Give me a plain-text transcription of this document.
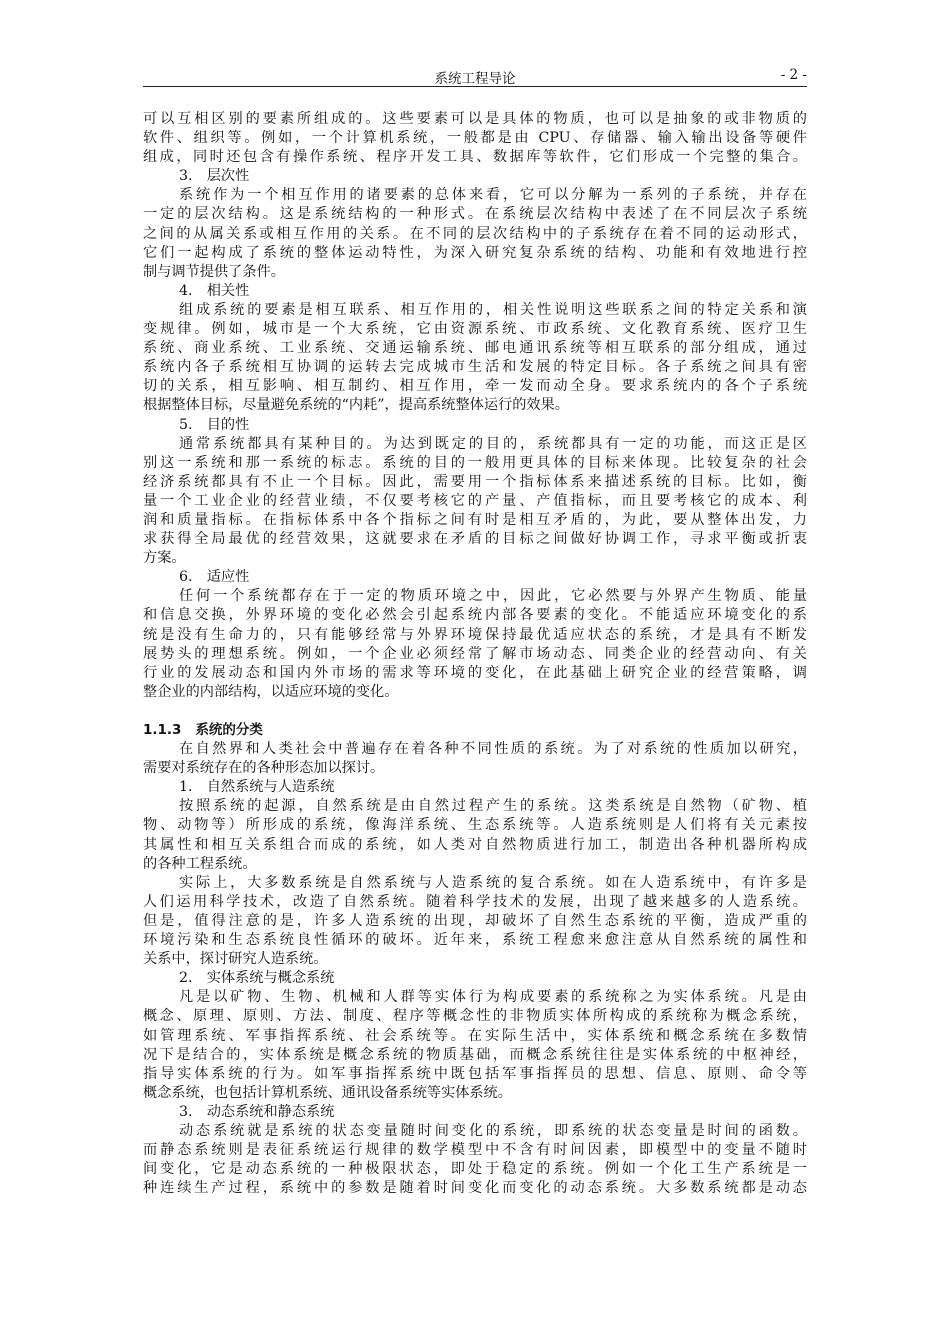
系统工程导论	- 2 -
可以互相区别的要素所组成的。这些要素可以是具体的物质，也可以是抽象的或非物质的
软件、组织等。例如，一个计算机系统，一般都是由 CPU、存储器、输入输出设备等硬件
组成，同时还包含有操作系统、程序开发工具、数据库等软件，它们形成一个完整的集合。
3.　层次性
系统作为一个相互作用的诸要素的总体来看，它可以分解为一系列的子系统，并存在
一定的层次结构。这是系统结构的一种形式。在系统层次结构中表述了在不同层次子系统
之间的从属关系或相互作用的关系。在不同的层次结构中的子系统存在着不同的运动形式，
它们一起构成了系统的整体运动特性，为深入研究复杂系统的结构、功能和有效地进行控
制与调节提供了条件。
4.　相关性
组成系统的要素是相互联系、相互作用的，相关性说明这些联系之间的特定关系和演
变规律。例如，城市是一个大系统，它由资源系统、市政系统、文化教育系统、医疗卫生
系统、商业系统、工业系统、交通运输系统、邮电通讯系统等相互联系的部分组成，通过
系统内各子系统相互协调的运转去完成城市生活和发展的特定目标。各子系统之间具有密
切的关系，相互影响、相互制约、相互作用，牵一发而动全身。要求系统内的各个子系统
根据整体目标，尽量避免系统的“内耗”，提高系统整体运行的效果。
5.　目的性
通常系统都具有某种目的。为达到既定的目的，系统都具有一定的功能，而这正是区
别这一系统和那一系统的标志。系统的目的一般用更具体的目标来体现。比较复杂的社会
经济系统都具有不止一个目标。因此，需要用一个指标体系来描述系统的目标。比如，衡
量一个工业企业的经营业绩，不仅要考核它的产量、产值指标，而且要考核它的成本、利
润和质量指标。在指标体系中各个指标之间有时是相互矛盾的，为此，要从整体出发，力
求获得全局最优的经营效果，这就要求在矛盾的目标之间做好协调工作，寻求平衡或折衷
方案。
6.　适应性
任何一个系统都存在于一定的物质环境之中，因此，它必然要与外界产生物质、能量
和信息交换，外界环境的变化必然会引起系统内部各要素的变化。不能适应环境变化的系
统是没有生命力的，只有能够经常与外界环境保持最优适应状态的系统，才是具有不断发
展势头的理想系统。例如，一个企业必须经常了解市场动态、同类企业的经营动向、有关
行业的发展动态和国内外市场的需求等环境的变化，在此基础上研究企业的经营策略，调
整企业的内部结构，以适应环境的变化。
1.1.3 系统的分类
在自然界和人类社会中普遍存在着各种不同性质的系统。为了对系统的性质加以研究，
需要对系统存在的各种形态加以探讨。
1.　自然系统与人造系统
按照系统的起源，自然系统是由自然过程产生的系统。这类系统是自然物（矿物、植
物、动物等）所形成的系统，像海洋系统、生态系统等。人造系统则是人们将有关元素按
其属性和相互关系组合而成的系统，如人类对自然物质进行加工，制造出各种机器所构成
的各种工程系统。
实际上，大多数系统是自然系统与人造系统的复合系统。如在人造系统中，有许多是
人们运用科学技术，改造了自然系统。随着科学技术的发展，出现了越来越多的人造系统。
但是，值得注意的是，许多人造系统的出现，却破坏了自然生态系统的平衡，造成严重的
环境污染和生态系统良性循环的破坏。近年来，系统工程愈来愈注意从自然系统的属性和
关系中，探讨研究人造系统。
2.　实体系统与概念系统
凡是以矿物、生物、机械和人群等实体行为构成要素的系统称之为实体系统。凡是由
概念、原理、原则、方法、制度、程序等概念性的非物质实体所构成的系统称为概念系统，
如管理系统、军事指挥系统、社会系统等。在实际生活中，实体系统和概念系统在多数情
况下是结合的，实体系统是概念系统的物质基础，而概念系统往往是实体系统的中枢神经，
指导实体系统的行为。如军事指挥系统中既包括军事指挥员的思想、信息、原则、命令等
概念系统，也包括计算机系统、通讯设备系统等实体系统。
3.　动态系统和静态系统
动态系统就是系统的状态变量随时间变化的系统，即系统的状态变量是时间的函数。
而静态系统则是表征系统运行规律的数学模型中不含有时间因素，即模型中的变量不随时
间变化，它是动态系统的一种极限状态，即处于稳定的系统。例如一个化工生产系统是一
种连续生产过程，系统中的参数是随着时间变化而变化的动态系统。大多数系统都是动态
